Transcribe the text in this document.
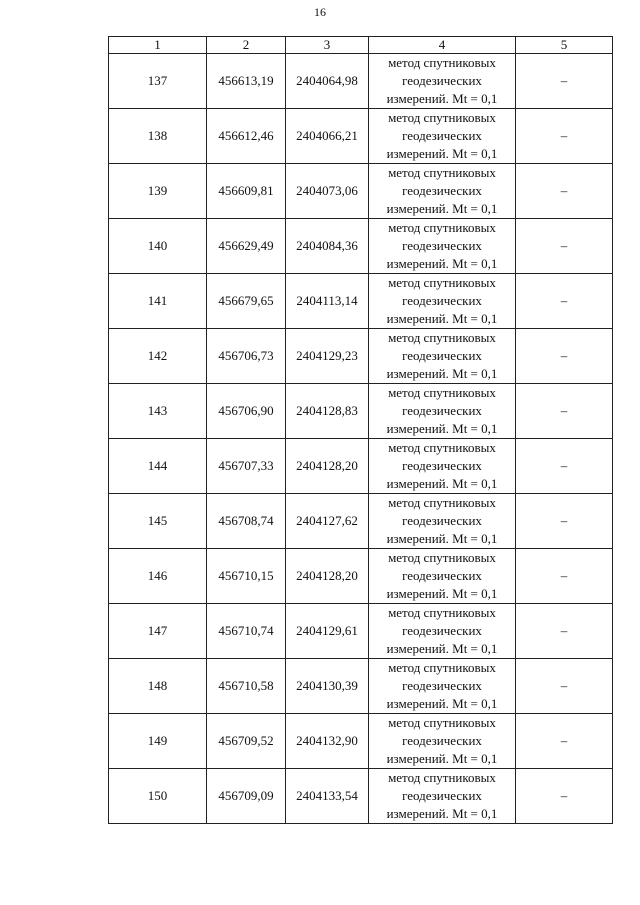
16
1	2	3	4	5
137	456613,19	2404064,98	метод спутниковых
геодезических
измерений. Mt = 0,1	–
138	456612,46	2404066,21	метод спутниковых
геодезических
измерений. Mt = 0,1	–
139	456609,81	2404073,06	метод спутниковых
геодезических
измерений. Mt = 0,1	–
140	456629,49	2404084,36	метод спутниковых
геодезических
измерений. Mt = 0,1	–
141	456679,65	2404113,14	метод спутниковых
геодезических
измерений. Mt = 0,1	–
142	456706,73	2404129,23	метод спутниковых
геодезических
измерений. Mt = 0,1	–
143	456706,90	2404128,83	метод спутниковых
геодезических
измерений. Mt = 0,1	–
144	456707,33	2404128,20	метод спутниковых
геодезических
измерений. Mt = 0,1	–
145	456708,74	2404127,62	метод спутниковых
геодезических
измерений. Mt = 0,1	–
146	456710,15	2404128,20	метод спутниковых
геодезических
измерений. Mt = 0,1	–
147	456710,74	2404129,61	метод спутниковых
геодезических
измерений. Mt = 0,1	–
148	456710,58	2404130,39	метод спутниковых
геодезических
измерений. Mt = 0,1	–
149	456709,52	2404132,90	метод спутниковых
геодезических
измерений. Mt = 0,1	–
150	456709,09	2404133,54	метод спутниковых
геодезических
измерений. Mt = 0,1	–
